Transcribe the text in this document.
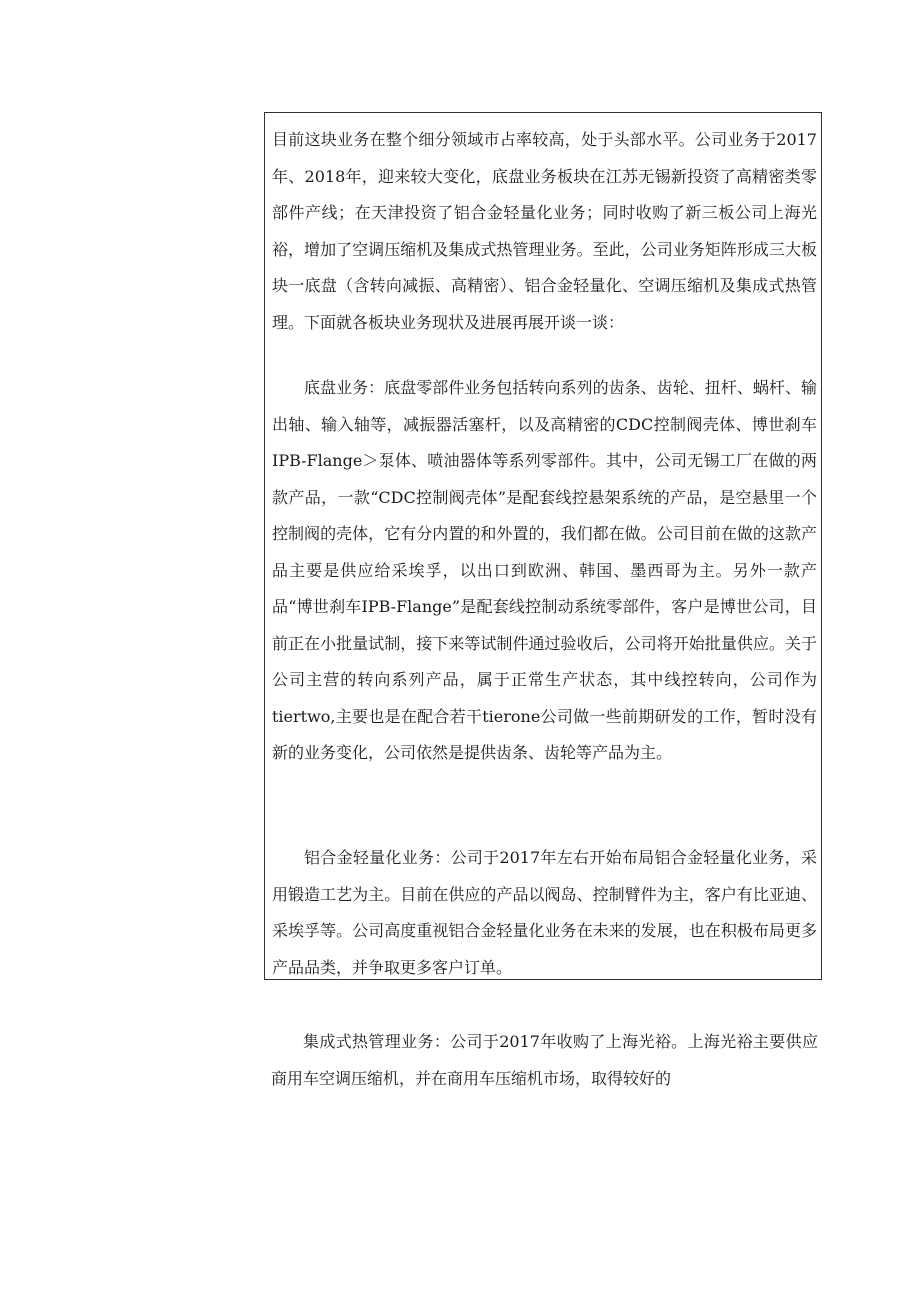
目前这块业务在整个细分领域市占率较高，处于头部水平。公司业务于2017年、2018年，迎来较大变化，底盘业务板块在江苏无锡新投资了高精密类零部件产线；在天津投资了铝合金轻量化业务；同时收购了新三板公司上海光裕，增加了空调压缩机及集成式热管理业务。至此，公司业务矩阵形成三大板块一底盘（含转向减振、高精密）、铝合金轻量化、空调压缩机及集成式热管理。下面就各板块业务现状及进展再展开谈一谈：

底盘业务：底盘零部件业务包括转向系列的齿条、齿轮、扭杆、蜗杆、输出轴、输入轴等，减振器活塞杆，以及高精密的CDC控制阀壳体、博世刹车IPB-Flange＞泵体、喷油器体等系列零部件。其中，公司无锡工厂在做的两款产品，一款“CDC控制阀壳体”是配套线控悬架系统的产品，是空悬里一个控制阀的壳体，它有分内置的和外置的，我们都在做。公司目前在做的这款产品主要是供应给采埃孚，以出口到欧洲、韩国、墨西哥为主。另外一款产品“博世刹车IPB-Flange”是配套线控制动系统零部件，客户是博世公司，目前正在小批量试制，接下来等试制件通过验收后，公司将开始批量供应。关于公司主营的转向系列产品，属于正常生产状态，其中线控转向，公司作为tiertwo,主要也是在配合若干tierone公司做一些前期研发的工作，暂时没有新的业务变化，公司依然是提供齿条、齿轮等产品为主。

铝合金轻量化业务：公司于2017年左右开始布局铝合金轻量化业务，采用锻造工艺为主。目前在供应的产品以阀岛、控制臂件为主，客户有比亚迪、采埃孚等。公司高度重视铝合金轻量化业务在未来的发展，也在积极布局更多产品品类，并争取更多客户订单。

集成式热管理业务：公司于2017年收购了上海光裕。上海光裕主要供应商用车空调压缩机，并在商用车压缩机市场，取得较好的
